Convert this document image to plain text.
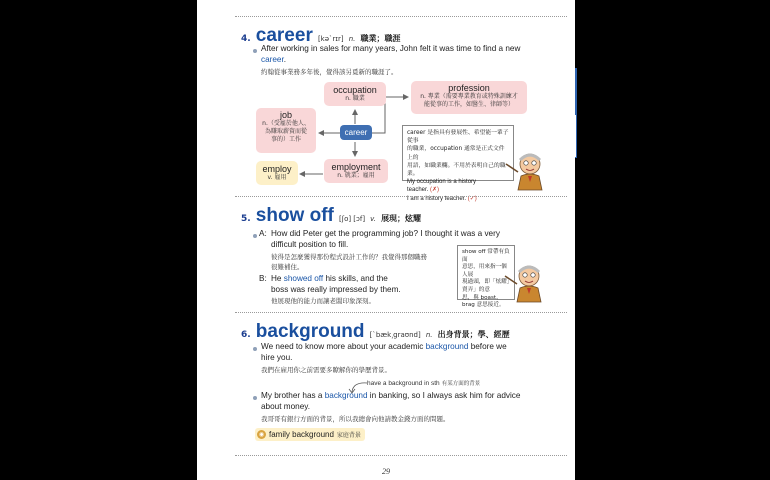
4. career [kəˋrɪr] n. 職業；職涯
After working in sales for many years, John felt it was time to find a new
career.
約翰從事業務多年後，覺得該另覓新的職涯了。
occupation
n. 職業
profession
n. 專業（需要專業教育或特殊訓練才
能從事的工作，如醫生、律師等）
job
n.（受雇於他人、
為賺取薪資而從
事的）工作
career
employment
n. 就業；雇用
employ
v. 雇用
career 是指具有發展性、希望能一輩子從事
的職業，occupation 通常是正式文件上的
用語，如職業欄。不用於表明自己的職業。
My occupation is a history
teacher. (✗)
I am a history teacher. (✓)
5. show off [ʃo] [ɔf] v. 展現；炫耀
A: How did Peter get the programming job? I thought it was a very
difficult position to fill.
彼得是怎麼獲得那份程式設計工作的？我覺得那個職務
很難補住。
B: He showed off his skills, and the
boss was really impressed by them.
他展現他的能力而讓老闆印象深刻。
show off 常帶有負面
意思，用來指一個人展
現過頭，即「炫耀」
賣弄」的意
思，與 boast、
brag 意思接近。
6. background [ˋbæk͵graʊnd] n. 出身背景；學、經歷
We need to know more about your academic background before we
hire you.
我們在雇用你之前需要多瞭解你的學歷背景。
have a background in sth 有某方面的背景
My brother has a background in banking, so I always ask him for advice
about money.
我哥哥有銀行方面的背景，所以我總會向他請教金錢方面的問題。
◉ family background 家庭背景
29
